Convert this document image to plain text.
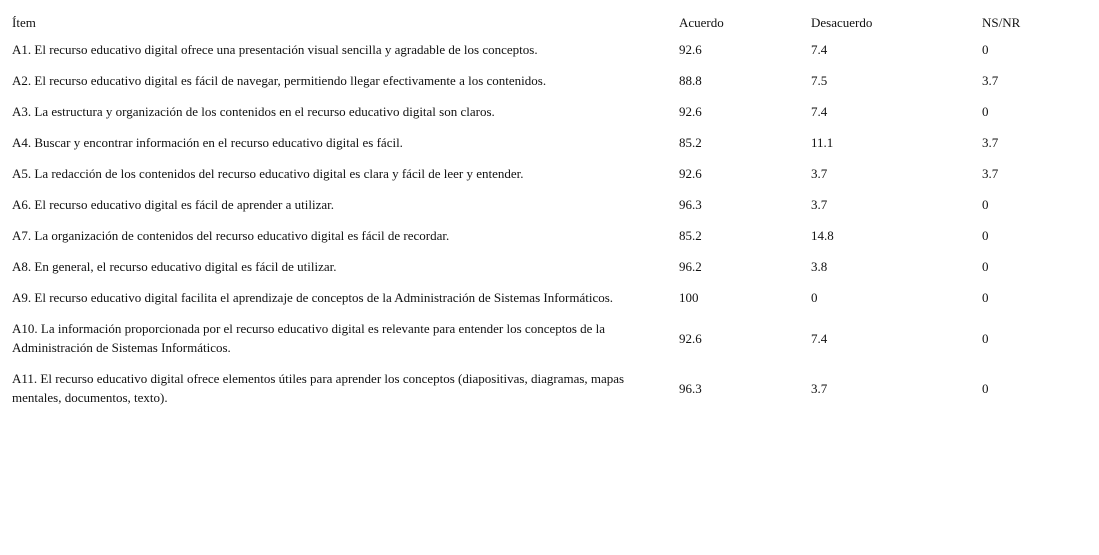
Ítem	Acuerdo	Desacuerdo	NS/NR

A1. El recurso educativo digital ofrece una presentación visual sencilla y agradable de los conceptos.	92.6	7.4	0

A2. El recurso educativo digital es fácil de navegar, permitiendo llegar efectivamente a los contenidos.	88.8	7.5	3.7

A3. La estructura y organización de los contenidos en el recurso educativo digital son claros.	92.6	7.4	0

A4. Buscar y encontrar información en el recurso educativo digital es fácil.	85.2	11.1	3.7

A5. La redacción de los contenidos del recurso educativo digital es clara y fácil de leer y entender.	92.6	3.7	3.7

A6. El recurso educativo digital es fácil de aprender a utilizar.	96.3	3.7	0

A7. La organización de contenidos del recurso educativo digital es fácil de recordar.	85.2	14.8	0

A8. En general, el recurso educativo digital es fácil de utilizar.	96.2	3.8	0

A9. El recurso educativo digital facilita el aprendizaje de conceptos de la Administración de Sistemas Informáticos.	100	0	0

A10. La información proporcionada por el recurso educativo digital es relevante para entender los conceptos de la Administración de Sistemas Informáticos.	92.6	7.4	0

A11. El recurso educativo digital ofrece elementos útiles para aprender los conceptos (diapositivas, diagramas, mapas mentales, documentos, texto).	96.3	3.7	0
